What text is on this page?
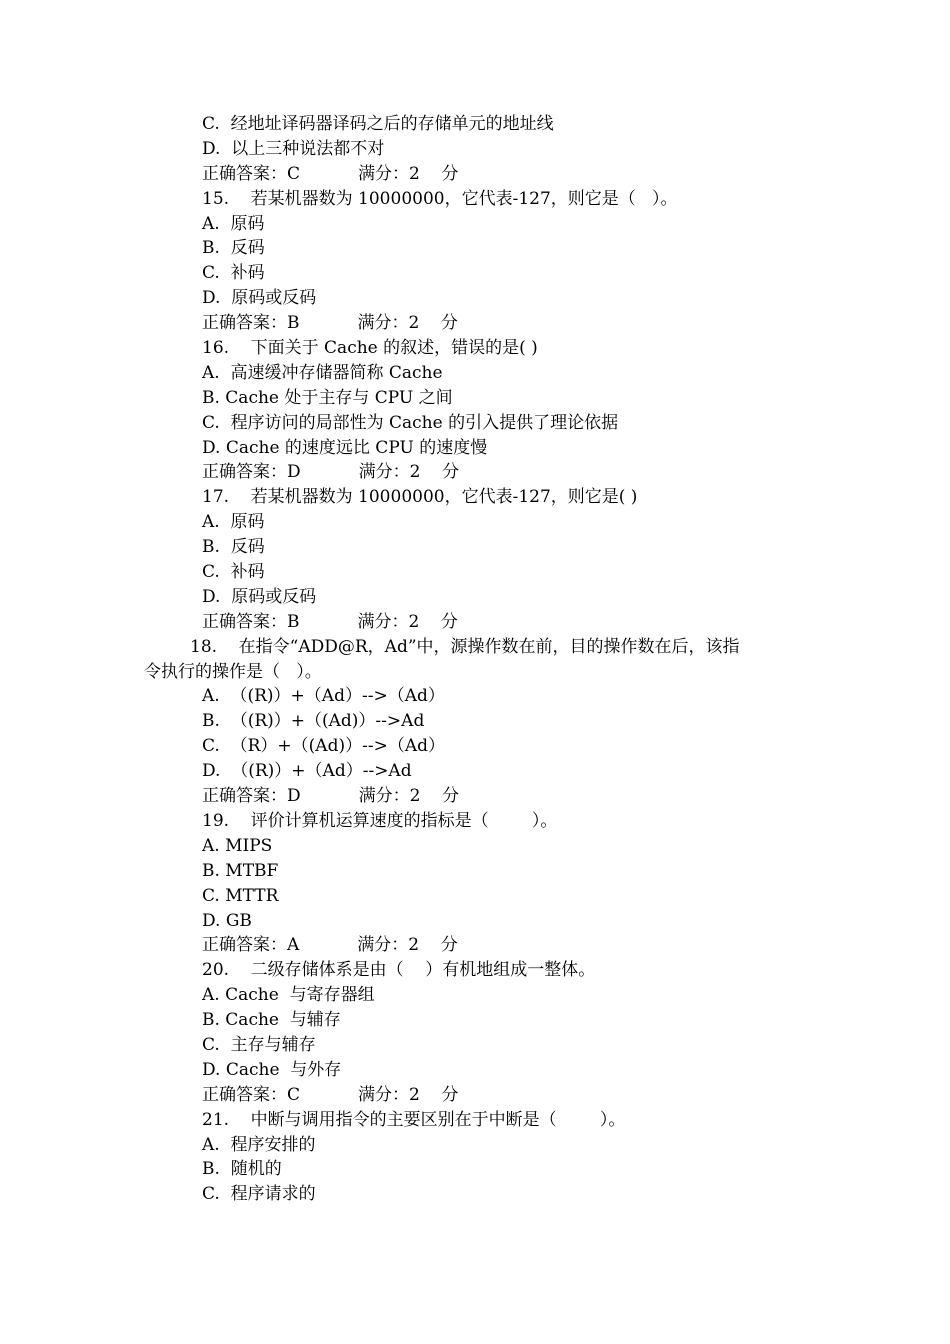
C.  经地址译码器译码之后的存储单元的地址线
D.  以上三种说法都不对
正确答案：C	满分：2    分
15.    若某机器数为 10000000，它代表-127，则它是（   ）。
A.  原码
B.  反码
C.  补码
D.  原码或反码
正确答案：B	满分：2    分
16.    下面关于 Cache 的叙述，错误的是( )
A.  高速缓冲存储器简称 Cache
B. Cache 处于主存与 CPU 之间
C.  程序访问的局部性为 Cache 的引入提供了理论依据
D. Cache 的速度远比 CPU 的速度慢
正确答案：D	满分：2    分
17.    若某机器数为 10000000，它代表-127，则它是( )
A.  原码
B.  反码
C.  补码
D.  原码或反码
正确答案：B	满分：2    分
18.    在指令“ADD@R，Ad”中，源操作数在前，目的操作数在后，该指
令执行的操作是（   ）。
A.  （(R)）+（Ad）-->（Ad）
B.  （(R)）+（(Ad)）-->Ad
C.  （R）+（(Ad)）-->（Ad）
D.  （(R)）+（Ad）-->Ad
正确答案：D	满分：2    分
19.    评价计算机运算速度的指标是（        ）。
A. MIPS
B. MTBF
C. MTTR
D. GB
正确答案：A	满分：2    分
20.    二级存储体系是由（    ）有机地组成一整体。
A. Cache  与寄存器组
B. Cache  与辅存
C.  主存与辅存
D. Cache  与外存
正确答案：C	满分：2    分
21.    中断与调用指令的主要区别在于中断是（        ）。
A.  程序安排的
B.  随机的
C.  程序请求的
